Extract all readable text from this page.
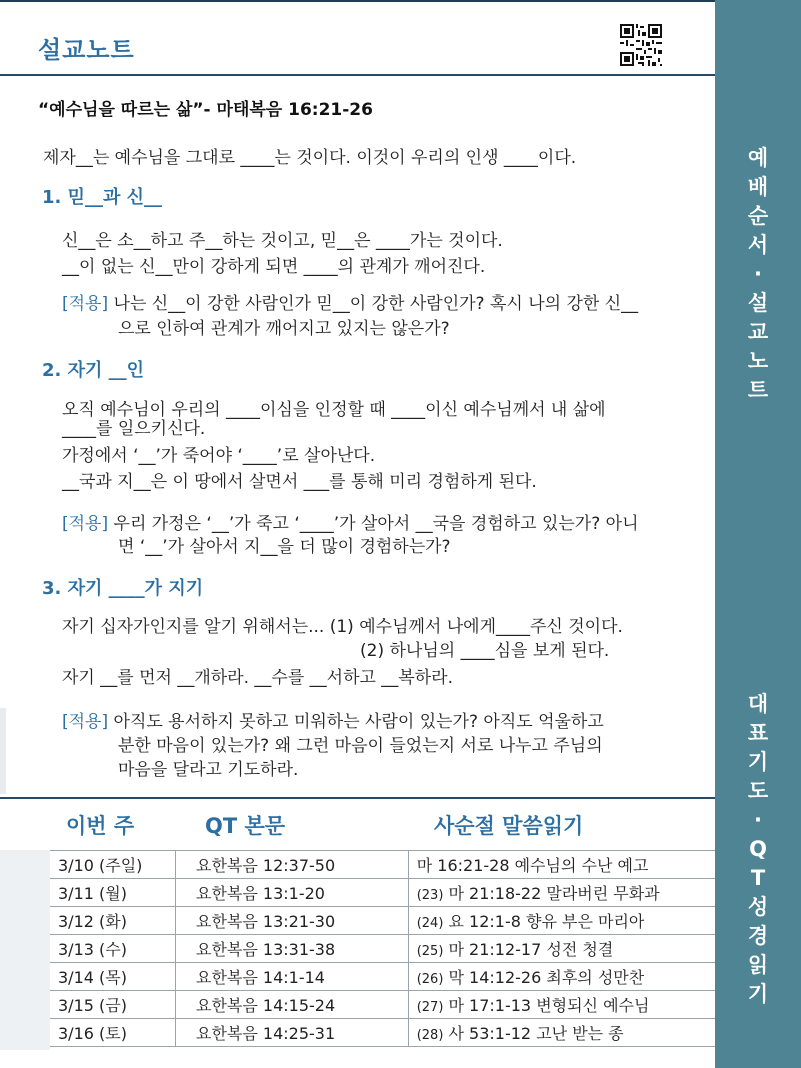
설교노트
“예수님을 따르는 삶”- 마태복음 16:21-26
제자__는 예수님을 그대로 ____는 것이다. 이것이 우리의 인생 ____이다.
1. 믿__과 신__
신__은 소__하고 주__하는 것이고, 믿__은 ____가는 것이다.
__이 없는 신__만이 강하게 되면 ____의 관계가 깨어진다.
[적용] 나는 신__이 강한 사람인가 믿__이 강한 사람인가? 혹시 나의 강한 신__
으로 인하여 관계가 깨어지고 있지는 않은가?
2. 자기 __인
오직 예수님이 우리의 ____이심을 인정할 때 ____이신 예수님께서 내 삶에
____를 일으키신다.
가정에서 ‘__’가 죽어야 ‘____’로 살아난다.
__국과 지__은 이 땅에서 살면서 ___를 통해 미리 경험하게 된다.
[적용] 우리 가정은 ‘__’가 죽고 ‘____’가 살아서 __국을 경험하고 있는가? 아니
면 ‘__’가 살아서 지__을 더 많이 경험하는가?
3. 자기 ____가 지기
자기 십자가인지를 알기 위해서는... (1) 예수님께서 나에게____주신 것이다.
(2) 하나님의 ____심을 보게 된다.
자기 __를 먼저 __개하라. __수를 __서하고 __복하라.
[적용] 아직도 용서하지 못하고 미워하는 사람이 있는가? 아직도 억울하고
분한 마음이 있는가? 왜 그런 마음이 들었는지 서로 나누고 주님의
마음을 달라고 기도하라.
이번 주	QT 본문	사순절 말씀읽기
3/10 (주일)	요한복음 12:37-50	마 16:21-28 예수님의 수난 예고
3/11 (월)	요한복음 13:1-20	(23) 마 21:18-22 말라버린 무화과
3/12 (화)	요한복음 13:21-30	(24) 요 12:1-8 향유 부은 마리아
3/13 (수)	요한복음 13:31-38	(25) 마 21:12-17 성전 청결
3/14 (목)	요한복음 14:1-14	(26) 막 14:12-26 최후의 성만찬
3/15 (금)	요한복음 14:15-24	(27) 마 17:1-13 변형되신 예수님
3/16 (토)	요한복음 14:25-31	(28) 사 53:1-12 고난 받는 종
예
배
순
서
·
설
교
노
트
대
표
기
도
·
Q
T
성
경
읽
기
